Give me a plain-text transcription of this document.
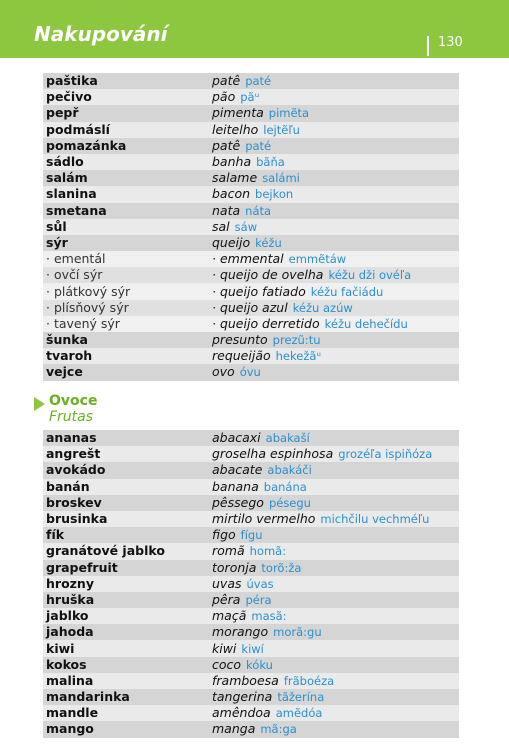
Nakupování	130
paštika	patê paté
pečivo	pão pãᵘ
pepř	pimenta pimẽta
podmáslí	leitelho lejtẽľu
pomazánka	patê paté
sádlo	banha bãňa
salám	salame salámi
slanina	bacon bejkon
smetana	nata náta
sůl	sal sáw
sýr	queijo kéžu
· ementál	· emmental emmẽtáw
· ovčí sýr	· queijo de ovelha kéžu dži ovéľa
· plátkový sýr	· queijo fatiado kéžu fačiádu
· plísňový sýr	· queijo azul kéžu azúw
· tavený sýr	· queijo derretido kéžu dehečídu
šunka	presunto prezũ:tu
tvaroh	requeijão hekežãᵘ
vejce	ovo óvu
Ovoce
Frutas
ananas	abacaxi abakaší
angrešt	groselha espinhosa grozéľa ispiňóza
avokádo	abacate abakáči
banán	banana banána
broskev	pêssego pésegu
brusinka	mirtilo vermelho michčilu vechméľu
fík	figo fígu
granátové jablko	romã homã:
grapefruit	toronja torõ:ža
hrozny	uvas úvas
hruška	pêra péra
jablko	maçã masã:
jahoda	morango morã:gu
kiwi	kiwi kiwí
kokos	coco kóku
malina	framboesa frãboéza
mandarinka	tangerina tãžerína
mandle	amêndoa amẽdóa
mango	manga mã:ga
